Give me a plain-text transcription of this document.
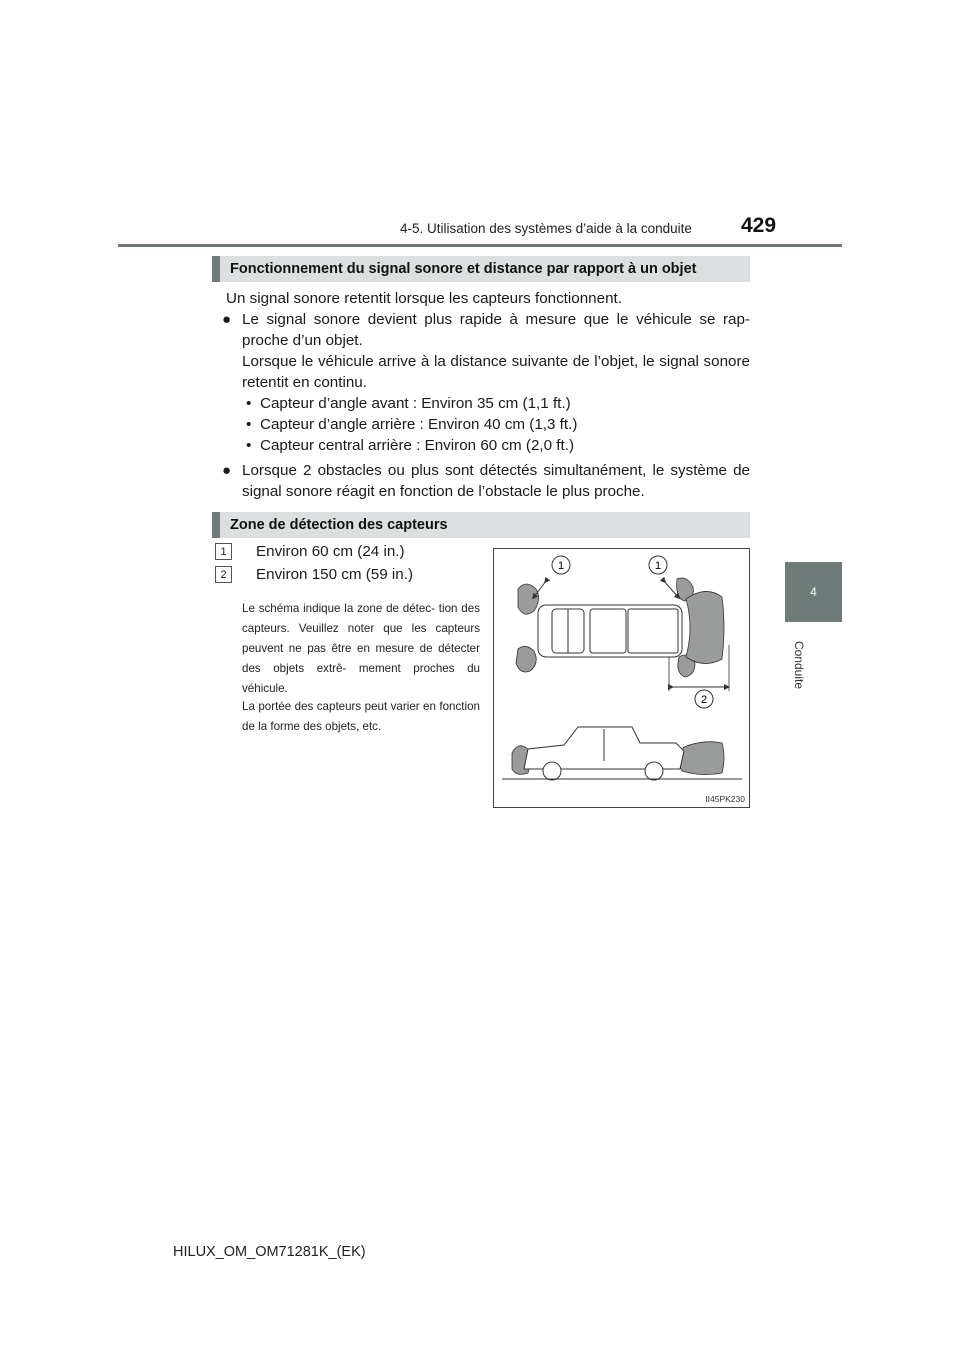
4-5. Utilisation des systèmes d’aide à la conduite 429
4
Conduite
Fonctionnement du signal sonore et distance par rapport à un objet
Un signal sonore retentit lorsque les capteurs fonctionnent.
● Le signal sonore devient plus rapide à mesure que le véhicule se rap- proche d’un objet.
Lorsque le véhicule arrive à la distance suivante de l’objet, le signal sonore retentit en continu.
• Capteur d’angle avant : Environ 35 cm (1,1 ft.)
• Capteur d’angle arrière : Environ 40 cm (1,3 ft.)
• Capteur central arrière : Environ 60 cm (2,0 ft.)
● Lorsque 2 obstacles ou plus sont détectés simultanément, le système de signal sonore réagit en fonction de l’obstacle le plus proche.
Zone de détection des capteurs
1	Environ 60 cm (24 in.)
2	Environ 150 cm (59 in.)
Le schéma indique la zone de détec- tion des capteurs. Veuillez noter que les capteurs peuvent ne pas être en mesure de détecter des objets extrê- mement proches du véhicule.
La portée des capteurs peut varier en fonction de la forme des objets, etc.
1	1
2
II45PK230
HILUX_OM_OM71281K_(EK)
